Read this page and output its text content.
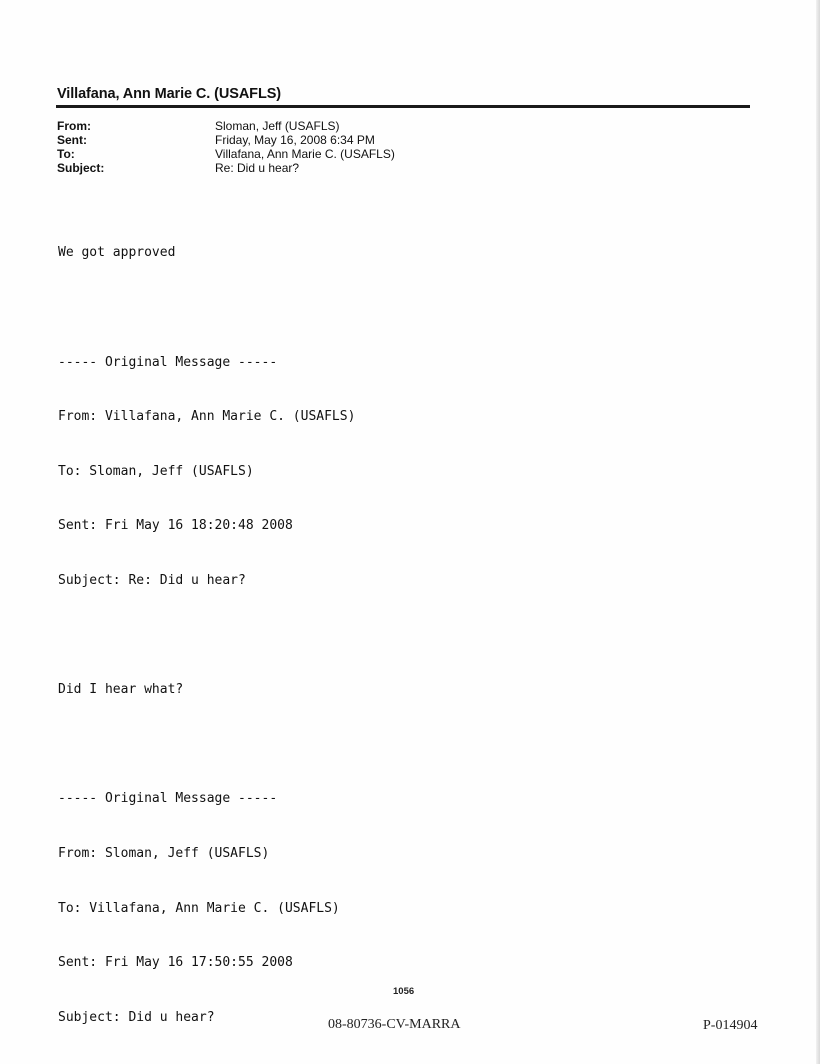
Villafana, Ann Marie C. (USAFLS)
From:	Sloman, Jeff (USAFLS)
Sent:	Friday, May 16, 2008 6:34 PM
To:	Villafana, Ann Marie C. (USAFLS)
Subject:	Re: Did u hear?

We got approved

----- Original Message -----

From: Villafana, Ann Marie C. (USAFLS)

To: Sloman, Jeff (USAFLS)

Sent: Fri May 16 18:20:48 2008

Subject: Re: Did u hear?

Did I hear what?

----- Original Message -----

From: Sloman, Jeff (USAFLS)

To: Villafana, Ann Marie C. (USAFLS)

Sent: Fri May 16 17:50:55 2008

Subject: Did u hear?

1056
08-80736-CV-MARRA	P-014904
